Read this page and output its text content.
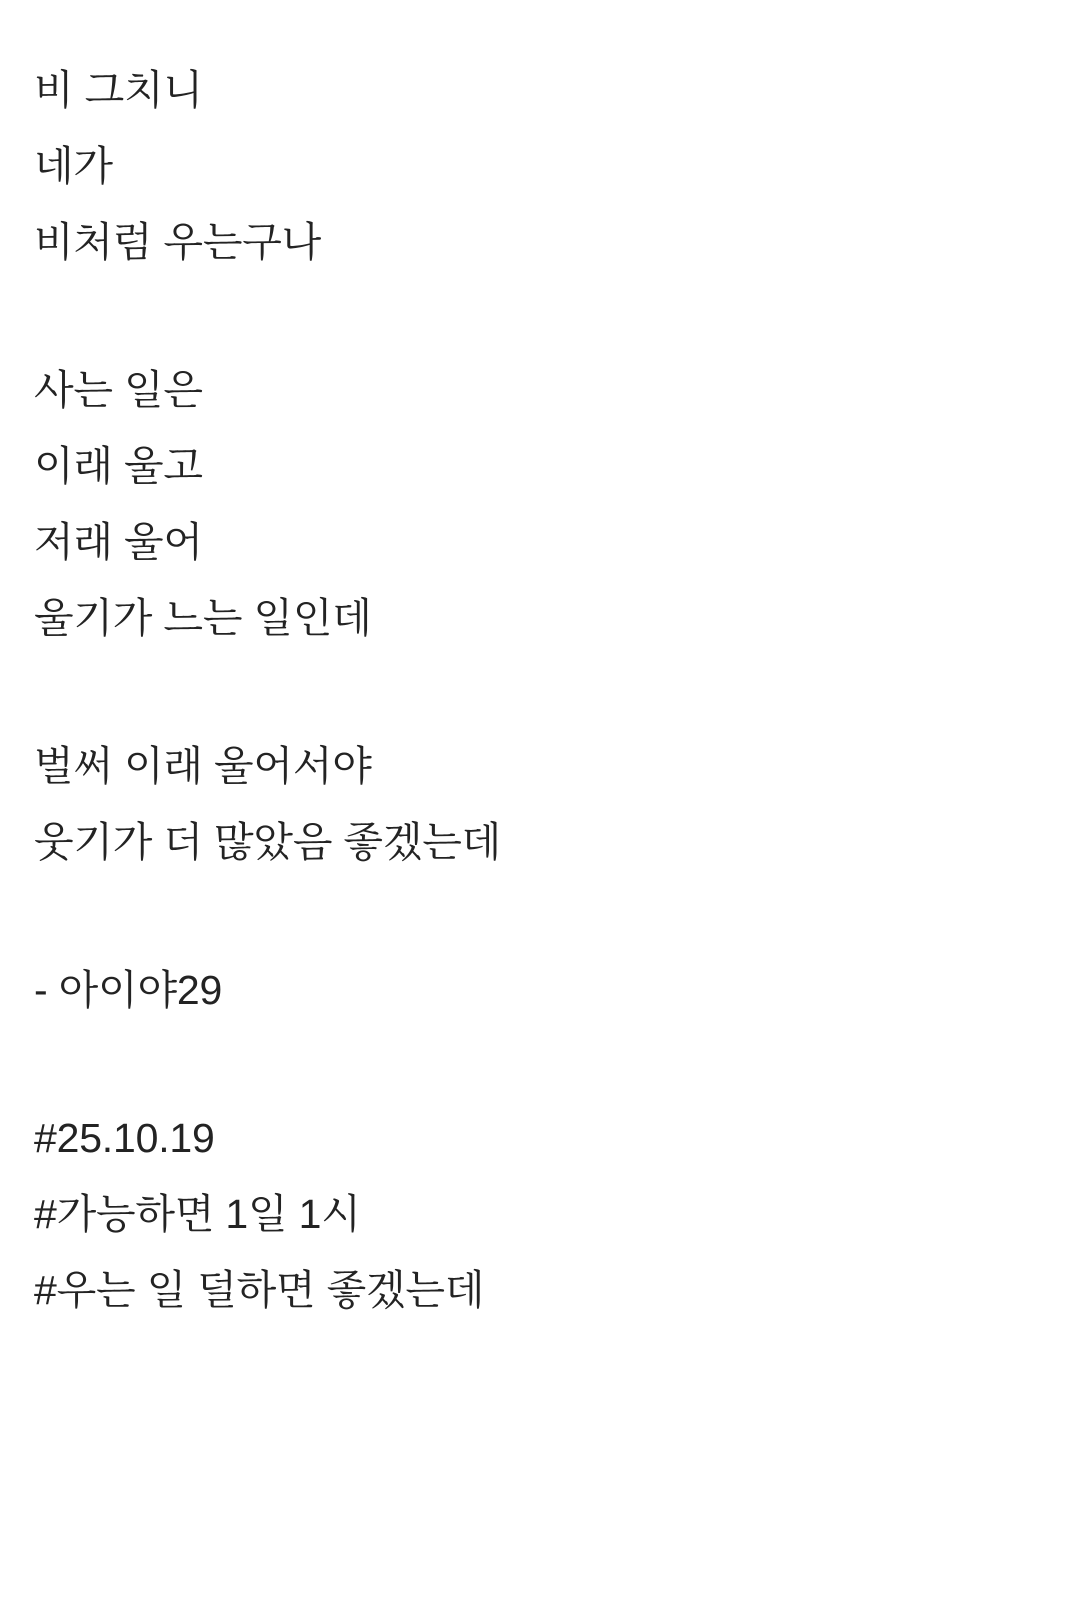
비 그치니
네가
비처럼 우는구나
사는 일은
이래 울고
저래 울어
울기가 느는 일인데
벌써 이래 울어서야
웃기가 더 많았음 좋겠는데
- 아이야29
#25.10.19
#가능하면 1일 1시
#우는 일 덜하면 좋겠는데
